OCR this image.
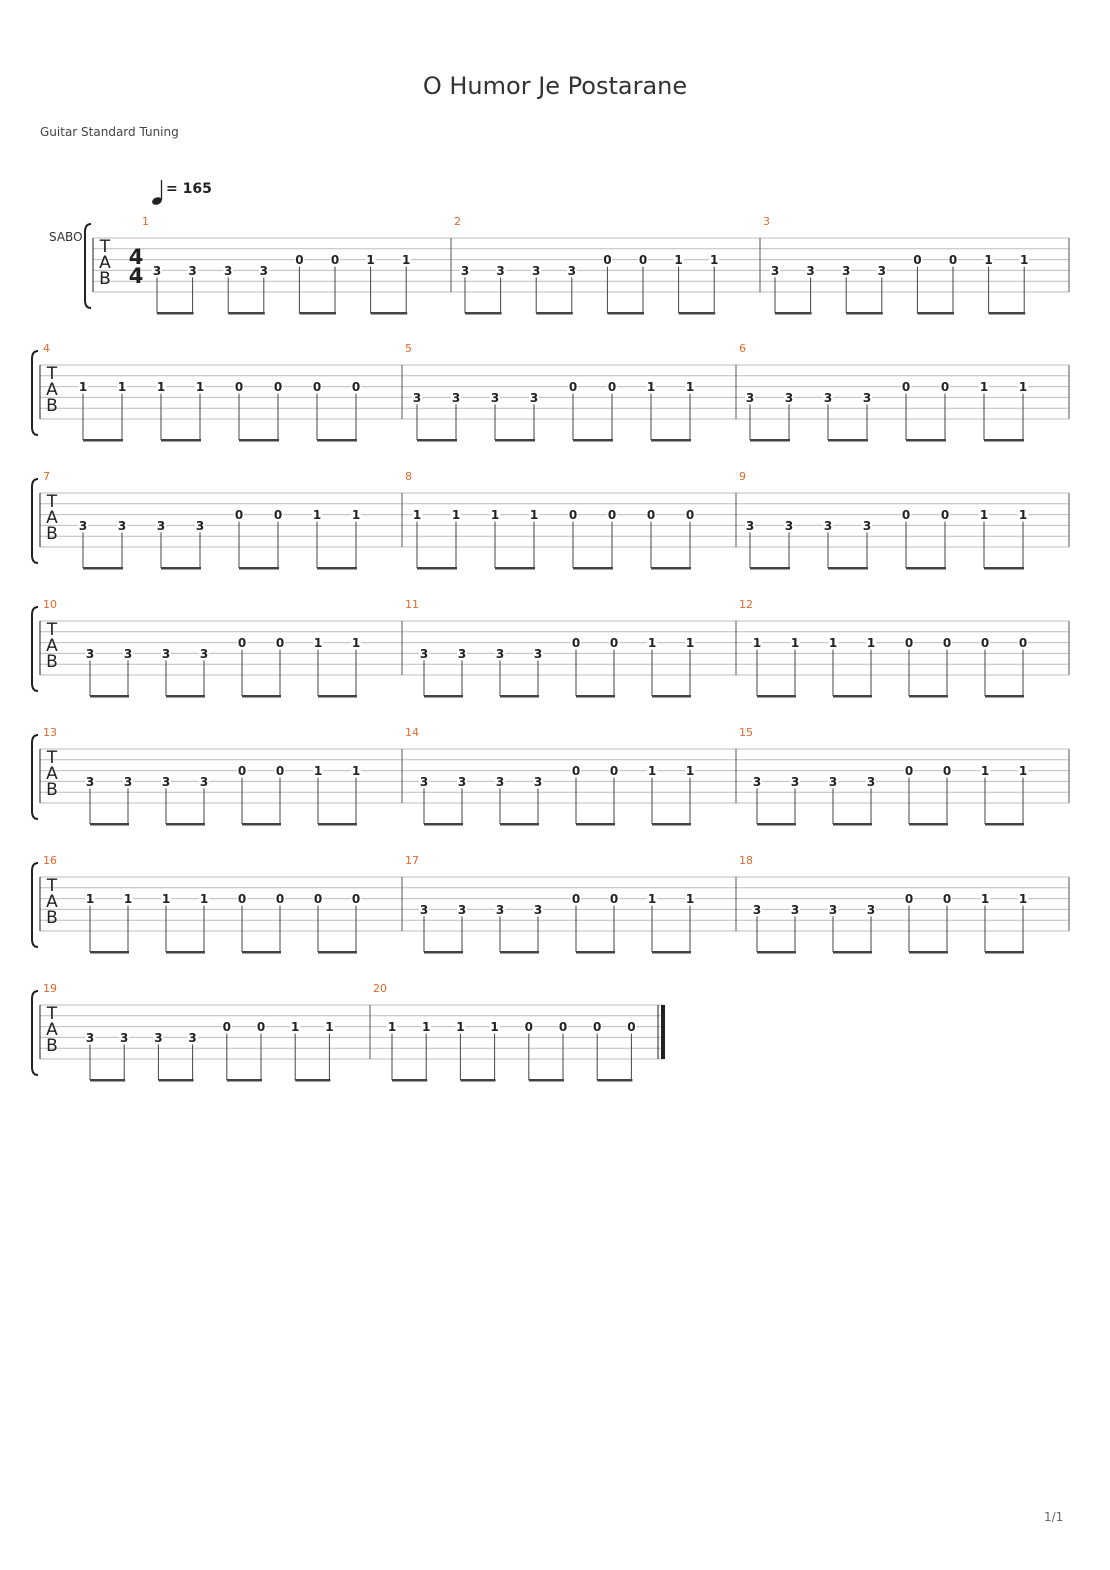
O Humor Je Postarane
Guitar Standard Tuning
T
A
B
SABO
= 165
4
4
1
3 3 3 3
0 0 1 1
2
3 3 3 3
0 0 1 1
3
3 3 3 3
0 0 1 1
T
A
B
4
1	1	1	1	0	0	0	0
5
3	3	3	3
0	0	1	1
6
3	3	3	3
0	0	1	1
T
A
B
7
3	3	3	3
0	0	1	1
8
1	1	1	1	0	0	0	0
9
3	3	3	3
0	0	1	1
T
A
B
10
3 3 3 3
0 0 1 1
11
3 3 3 3
0 0 1 1
12
1 1 1 1 0 0 0 0
T
A
B
13
3 3 3 3
0 0 1 1
14
3 3 3 3
0 0 1 1
15
3 3 3 3
0 0 1 1
T
A
B
16
1 1 1 1 0 0 0 0
17
3 3 3 3
0 0 1 1
18
3 3 3 3
0 0 1 1
T
A
B
19
3 3 3 3
0 0 1 1
20
1 1 1 1 0 0 0 0
1/1
